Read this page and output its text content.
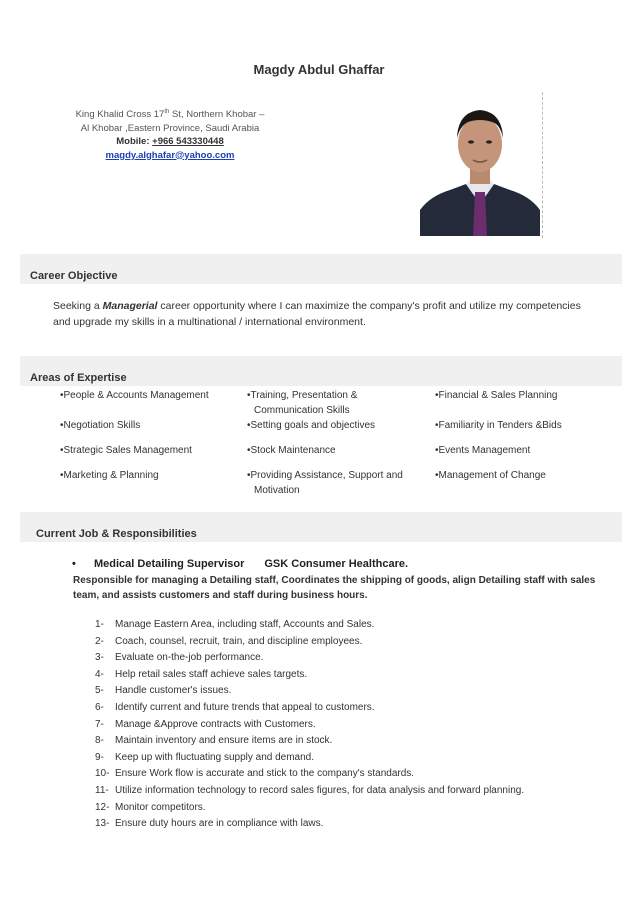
Magdy Abdul Ghaffar
King Khalid Cross 17th St, Northern Khobar –
Al Khobar ,Eastern Province, Saudi Arabia
Mobile: +966 543330448
magdy.alghafar@yahoo.com
Career Objective
Seeking a Managerial career opportunity where I can maximize the company's profit and utilize my competencies
and upgrade my skills in a multinational / international environment.
Areas of Expertise
•People & Accounts Management	•Training, Presentation &	•Financial & Sales Planning
Communication Skills
•Negotiation Skills	•Setting goals and objectives	•Familiarity in Tenders &Bids
•Strategic Sales Management	•Stock Maintenance	•Events Management
•Marketing & Planning	•Providing Assistance, Support and	•Management of Change
Motivation
Current Job & Responsibilities
• Medical Detailing Supervisor GSK Consumer Healthcare.
Responsible for managing a Detailing staff, Coordinates the shipping of goods, align Detailing staff with sales
team, and assists customers and staff during business hours.
1-	Manage Eastern Area, including staff, Accounts and Sales.
2-	Coach, counsel, recruit, train, and discipline employees.
3-	Evaluate on-the-job performance.
4-	Help retail sales staff achieve sales targets.
5-	Handle customer's issues.
6-	Identify current and future trends that appeal to customers.
7-	Manage &Approve contracts with Customers.
8-	Maintain inventory and ensure items are in stock.
9-	Keep up with fluctuating supply and demand.
10- Ensure Work flow is accurate and stick to the company's standards.
11- Utilize information technology to record sales figures, for data analysis and forward planning.
12- Monitor competitors.
13- Ensure duty hours are in compliance with laws.
